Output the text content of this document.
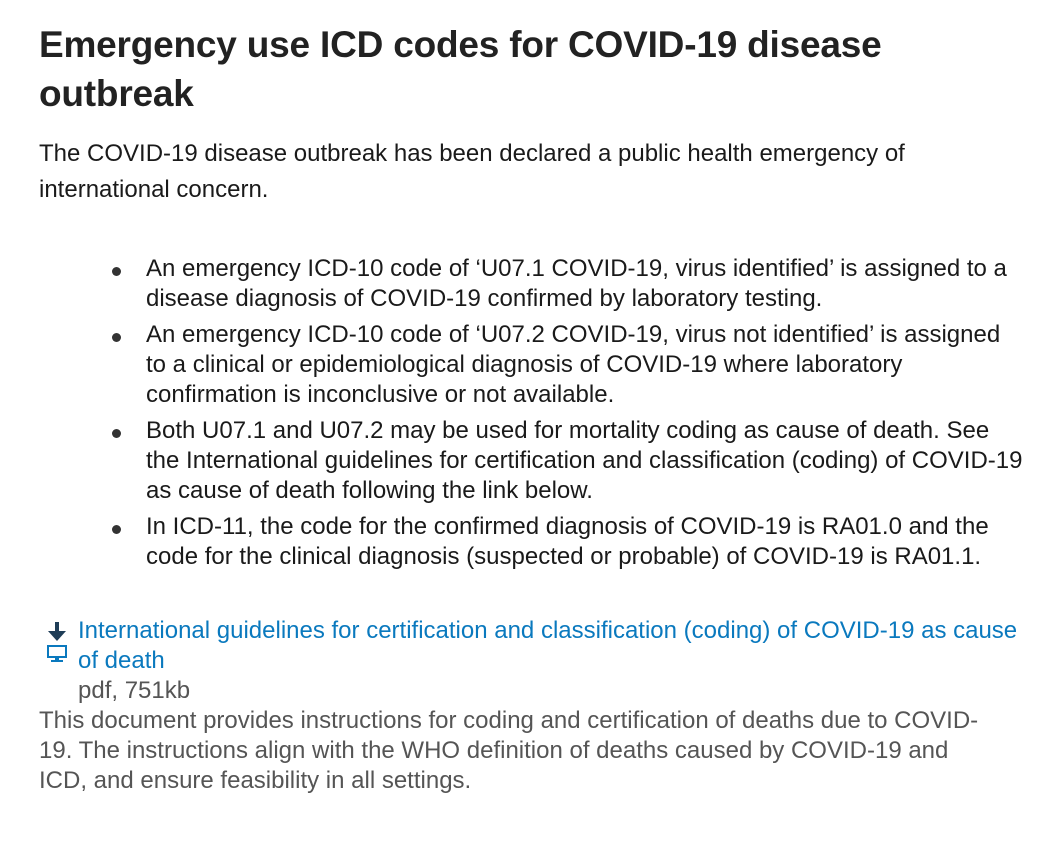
Emergency use ICD codes for COVID-19 disease outbreak

The COVID-19 disease outbreak has been declared a public health emergency of international concern.

An emergency ICD-10 code of ‘U07.1 COVID-19, virus identified’ is assigned to a disease diagnosis of COVID-19 confirmed by laboratory testing.
An emergency ICD-10 code of ‘U07.2 COVID-19, virus not identified’ is assigned to a clinical or epidemiological diagnosis of COVID-19 where laboratory confirmation is inconclusive or not available.
Both U07.1 and U07.2 may be used for mortality coding as cause of death. See the International guidelines for certification and classification (coding) of COVID-19 as cause of death following the link below.
In ICD-11, the code for the confirmed diagnosis of COVID-19 is RA01.0 and the code for the clinical diagnosis (suspected or probable) of COVID-19 is RA01.1.
International guidelines for certification and classification (coding) of COVID-19 as cause of death
pdf, 751kb

This document provides instructions for coding and certification of deaths due to COVID-19. The instructions align with the WHO definition of deaths caused by COVID-19 and ICD, and ensure feasibility in all settings.
